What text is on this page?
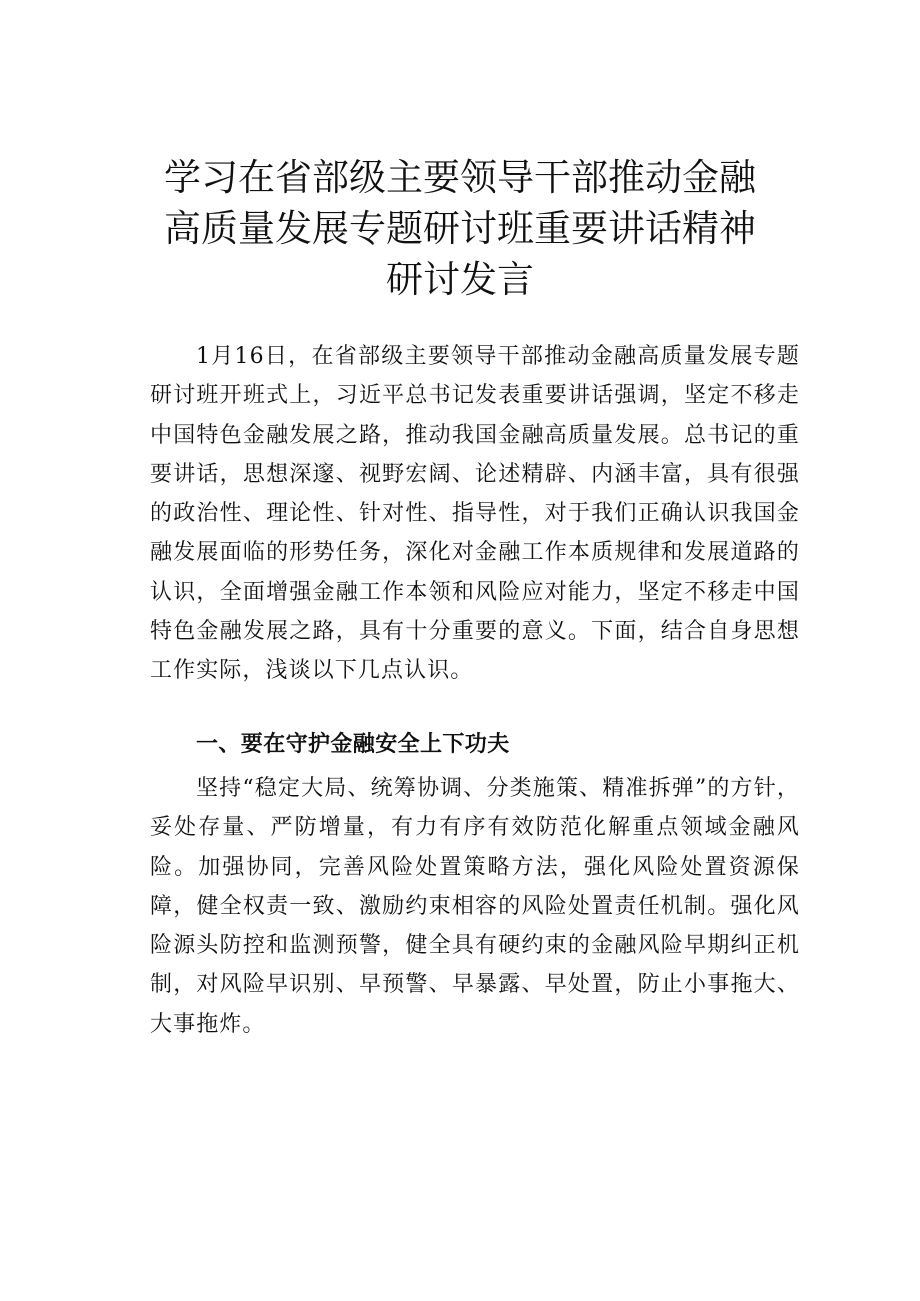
学习在省部级主要领导干部推动金融
高质量发展专题研讨班重要讲话精神
研讨发言

1月16日，在省部级主要领导干部推动金融高质量发展专题研讨班开班式上，习近平总书记发表重要讲话强调，坚定不移走中国特色金融发展之路，推动我国金融高质量发展。总书记的重要讲话，思想深邃、视野宏阔、论述精辟、内涵丰富，具有很强的政治性、理论性、针对性、指导性，对于我们正确认识我国金融发展面临的形势任务，深化对金融工作本质规律和发展道路的认识，全面增强金融工作本领和风险应对能力，坚定不移走中国特色金融发展之路，具有十分重要的意义。下面，结合自身思想工作实际，浅谈以下几点认识。

一、要在守护金融安全上下功夫

坚持“稳定大局、统筹协调、分类施策、精准拆弹”的方针，妥处存量、严防增量，有力有序有效防范化解重点领域金融风险。加强协同，完善风险处置策略方法，强化风险处置资源保障，健全权责一致、激励约束相容的风险处置责任机制。强化风险源头防控和监测预警，健全具有硬约束的金融风险早期纠正机制，对风险早识别、早预警、早暴露、早处置，防止小事拖大、大事拖炸。
